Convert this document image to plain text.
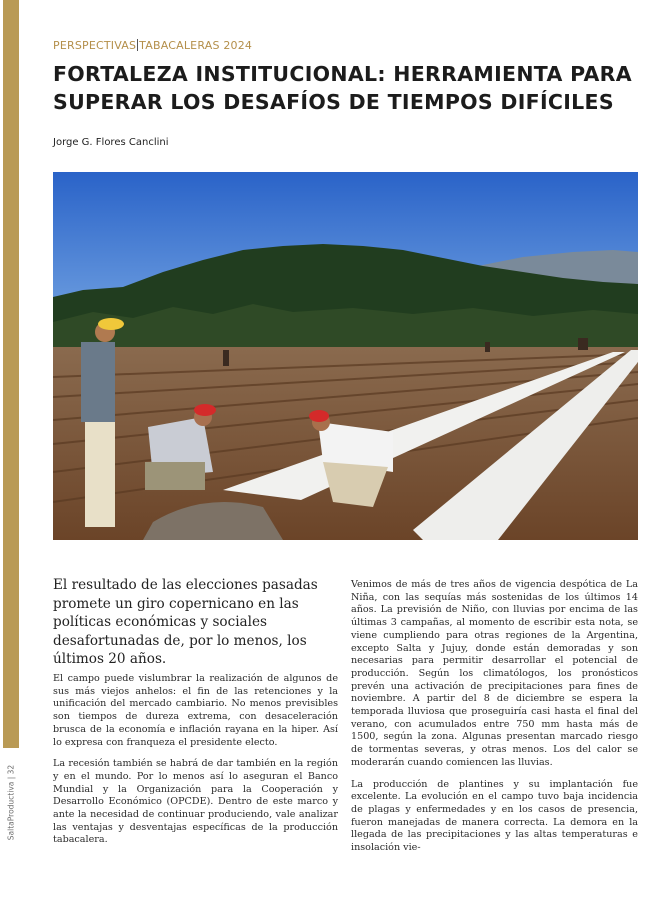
SaltaProductiva | 32
PERSPECTIVAS TABACALERAS 2024
FORTALEZA INSTITUCIONAL: HERRAMIENTA PARA SUPERAR LOS DESAFÍOS DE TIEMPOS DIFÍCILES
Jorge G. Flores Canclini
El resultado de las elecciones pasadas promete un giro copernicano en las políticas económicas y sociales desafortunadas de, por lo menos, los últimos 20 años.

El campo puede vislumbrar la realización de algunos de sus más viejos anhelos: el fin de las retenciones y la unificación del mercado cambiario. No menos previsibles son tiempos de dureza extrema, con desaceleración brusca de la economía e inflación rayana en la hiper. Así lo expresa con franqueza el presidente electo.

La recesión también se habrá de dar también en la región y en el mundo. Por lo menos así lo aseguran el Banco Mundial y la Organización para la Cooperación y Desarrollo Económico (OPCDE). Dentro de este marco y ante la necesidad de continuar produciendo, vale analizar las ventajas y desventajas específicas de la producción tabacalera.

Venimos de más de tres años de vigencia despótica de La Niña, con las sequías más sostenidas de los últimos 14 años. La previsión de Niño, con lluvias por encima de las últimas 3 campañas, al momento de escribir esta nota, se viene cumpliendo para otras regiones de la Argentina, excepto Salta y Jujuy, donde están demoradas y son necesarias para permitir desarrollar el potencial de producción. Según los climatólogos, los pronósticos prevén una activación de precipitaciones para fines de noviembre. A partir del 8 de diciembre se espera la temporada lluviosa que proseguiría casi hasta el final del verano, con acumulados entre 750 mm hasta más de 1500, según la zona. Algunas presentan marcado riesgo de tormentas severas, y otras menos. Los del calor se moderarán cuando comiencen las lluvias.

La producción de plantines y su implantación fue excelente. La evolución en el campo tuvo baja incidencia de plagas y enfermedades y en los casos de presencia, fueron manejadas de manera correcta. La demora en la llegada de las precipitaciones y las altas temperaturas e insolación vie-
